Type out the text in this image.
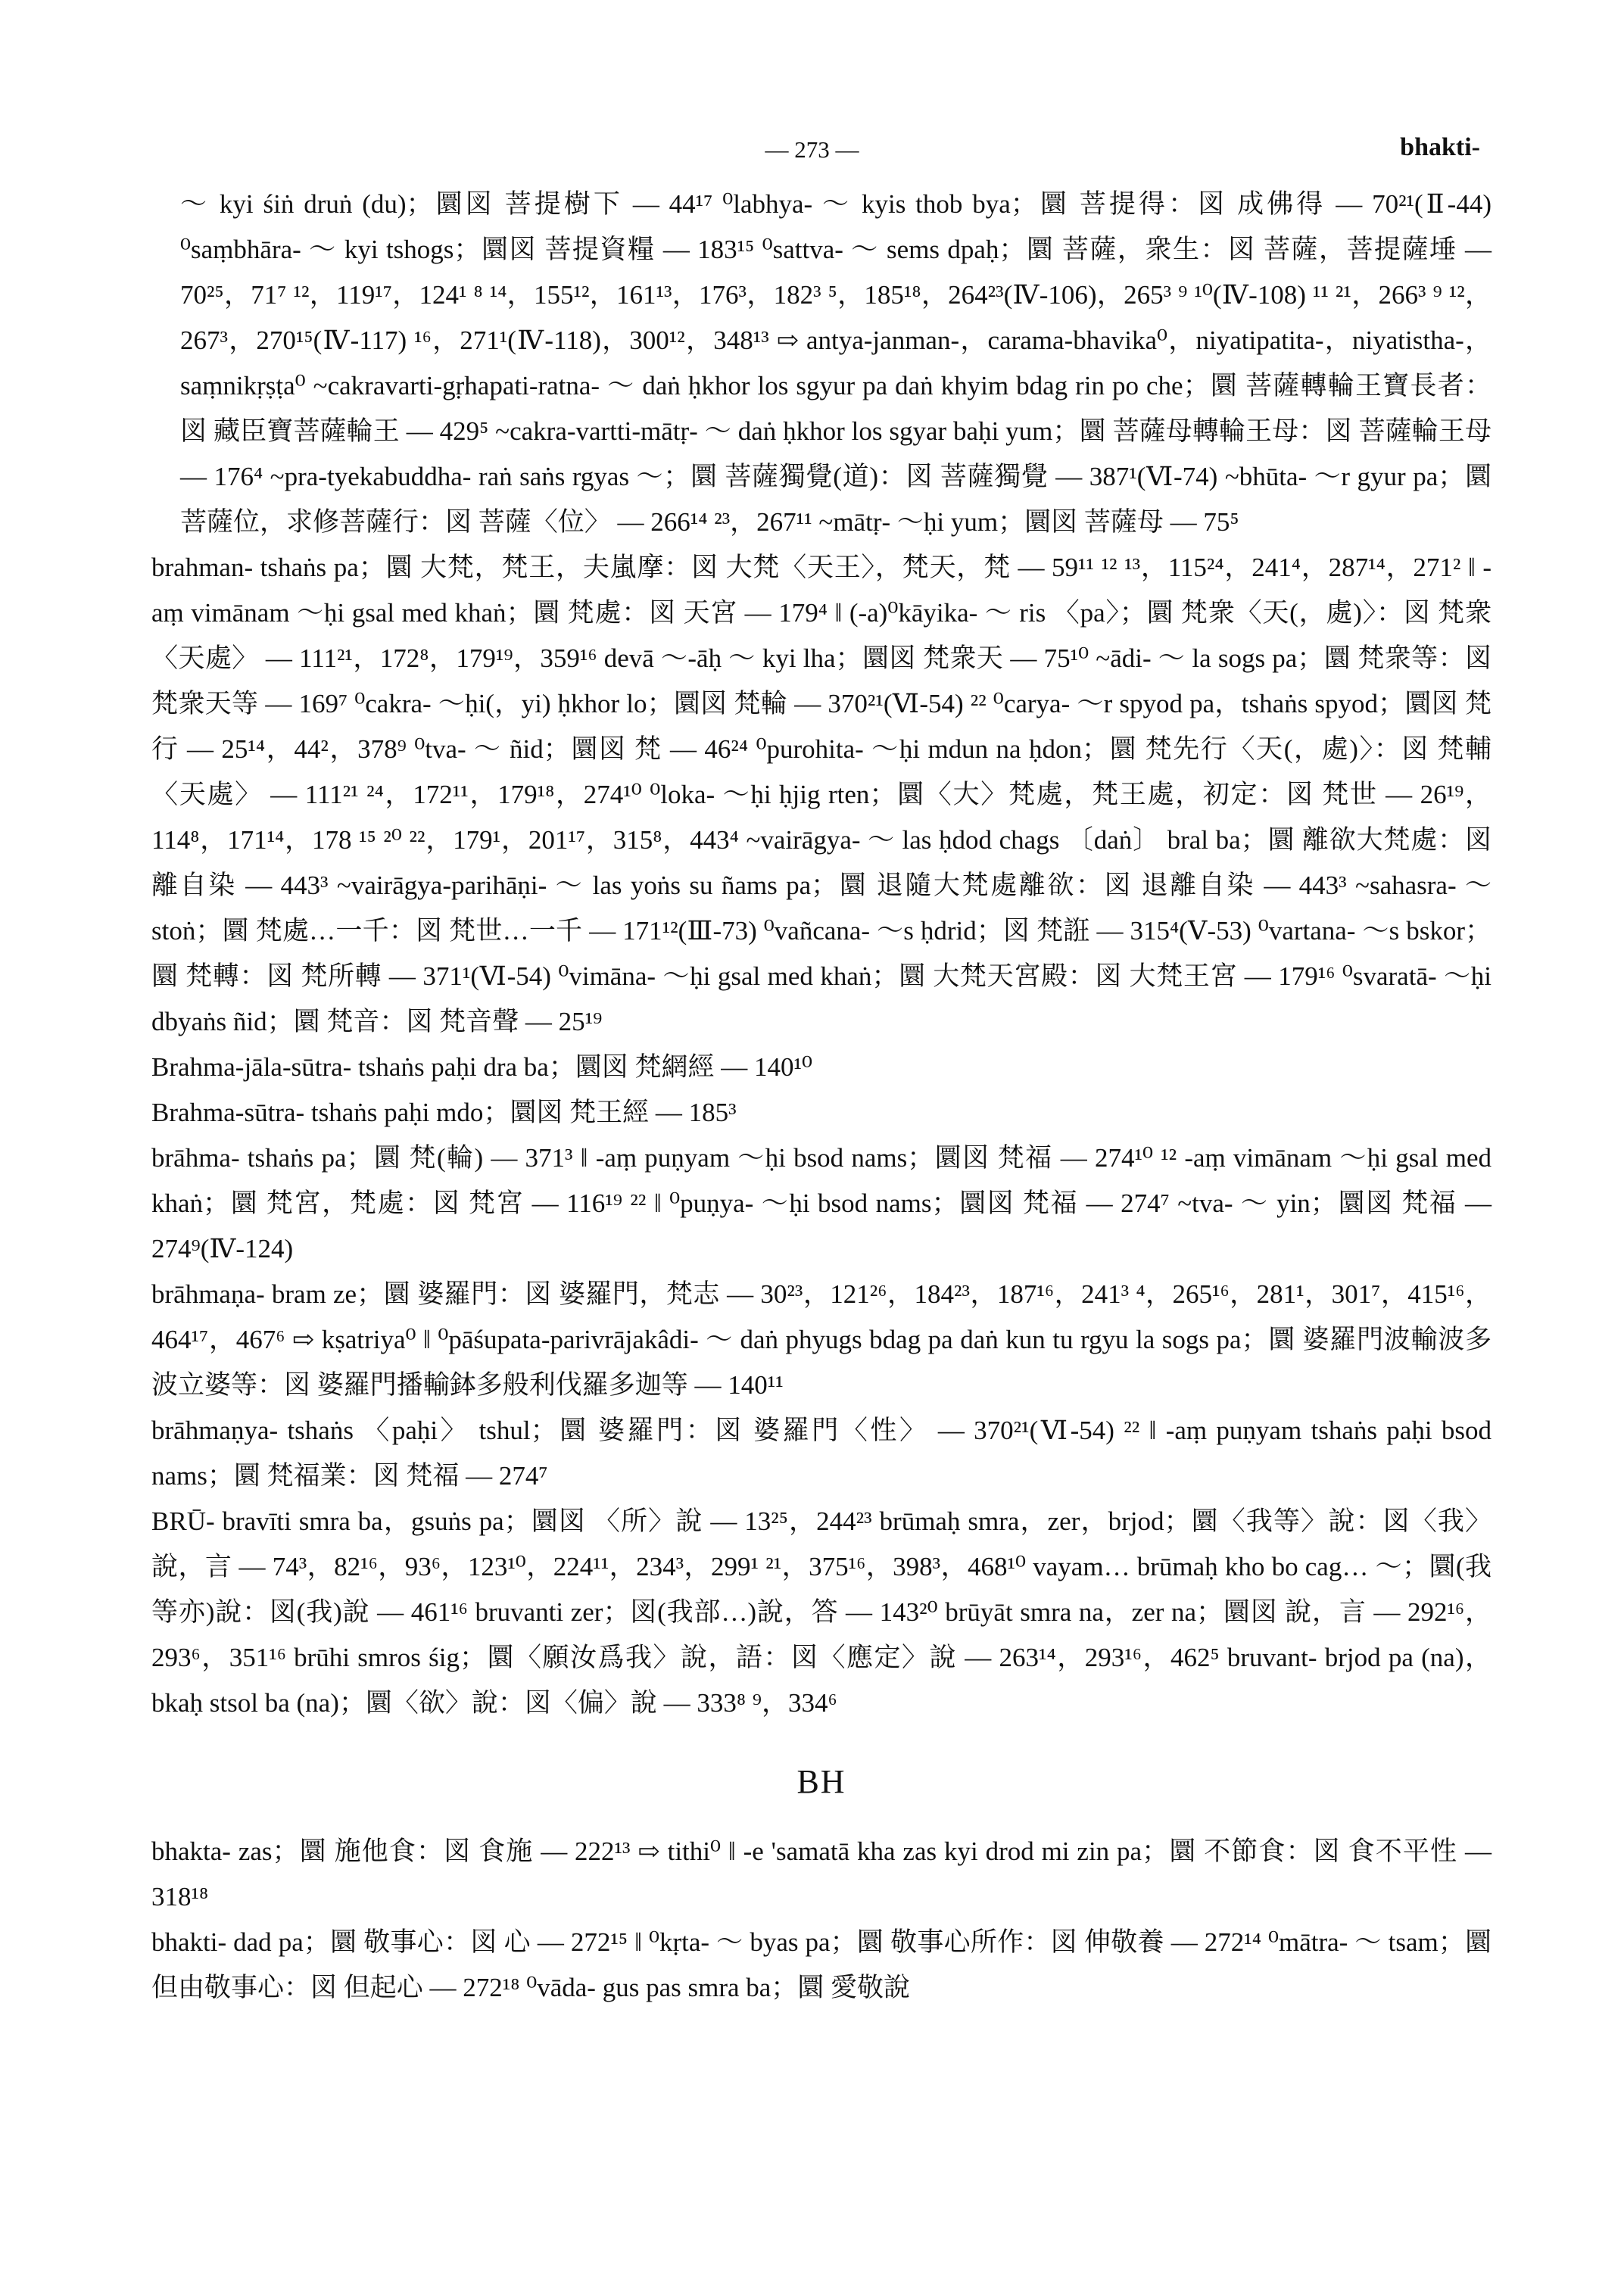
— 273 —	bhakti-

～ kyi śiṅ druṅ (du)；圜図 菩提樹下 — 44¹⁷ ⁰labhya- ～ kyis thob bya；圜 菩提得：図 成佛得 — 70²¹(Ⅱ-44) ⁰saṃbhāra- ～ kyi tshogs；圜図 菩提資糧 — 183¹⁵ ⁰sattva- ～ sems dpaḥ；圜 菩薩，衆生：図 菩薩，菩提薩埵 — 70²⁵，71⁷ ¹²，119¹⁷，124¹ ⁸ ¹⁴，155¹²，161¹³，176³，182³ ⁵，185¹⁸，264²³(Ⅳ-106)，265³ ⁹ ¹⁰(Ⅳ-108) ¹¹ ²¹，266³ ⁹ ¹²，267³，270¹⁵(Ⅳ-117) ¹⁶，271¹(Ⅳ-118)，300¹²，348¹³ ⇨ antya-janman-，carama-bhavika⁰，niyatipatita-，niyatistha-，saṃnikṛṣṭa⁰ ~cakravarti-gṛhapati-ratna- ～ daṅ ḥkhor los sgyur pa daṅ khyim bdag rin po che；圜 菩薩轉輪王寶長者：図 藏臣寶菩薩輪王 — 429⁵ ~cakra-vartti-mātṛ- ～ daṅ ḥkhor los sgyar baḥi yum；圜 菩薩母轉輪王母：図 菩薩輪王母 — 176⁴ ~pra-tyekabuddha- raṅ saṅs rgyas ～；圜 菩薩獨覺(道)：図 菩薩獨覺 — 387¹(Ⅵ-74) ~bhūta- ～r gyur pa；圜 菩薩位，求修菩薩行：図 菩薩〈位〉 — 266¹⁴ ²³，267¹¹ ~mātṛ- ～ḥi yum；圜図 菩薩母 — 75⁵

brahman- tshaṅs pa；圜 大梵，梵王，夫嵐摩：図 大梵〈天王〉，梵天，梵 — 59¹¹ ¹² ¹³，115²⁴，241⁴，287¹⁴，271² ‖ -aṃ vimānam ～ḥi gsal med khaṅ；圜 梵處：図 天宮 — 179⁴ ‖ (-a)⁰kāyika- ～ ris 〈pa〉；圜 梵衆〈天(，處)〉：図 梵衆〈天處〉 — 111²¹，172⁸，179¹⁹，359¹⁶ devā ～-āḥ ～ kyi lha；圜図 梵衆天 — 75¹⁰ ~ādi- ～ la sogs pa；圜 梵衆等：図 梵衆天等 — 169⁷ ⁰cakra- ～ḥi(，yi) ḥkhor lo；圜図 梵輪 — 370²¹(Ⅵ-54) ²² ⁰carya- ～r spyod pa，tshaṅs spyod；圜図 梵行 — 25¹⁴，44²，378⁹ ⁰tva- ～ ñid；圜図 梵 — 46²⁴ ⁰purohita- ～ḥi mdun na ḥdon；圜 梵先行〈天(，處)〉：図 梵輔〈天處〉 — 111²¹ ²⁴，172¹¹，179¹⁸，274¹⁰ ⁰loka- ～ḥi ḥjig rten；圜〈大〉梵處，梵王處，初定：図 梵世 — 26¹⁹，114⁸，171¹⁴，178 ¹⁵ ²⁰ ²²，179¹，201¹⁷，315⁸，443⁴ ~vairāgya- ～ las ḥdod chags 〔daṅ〕 bral ba；圜 離欲大梵處：図 離自染 — 443³ ~vairāgya-parihāṇi- ～ las yoṅs su ñams pa；圜 退隨大梵處離欲：図 退離自染 — 443³ ~sahasra- ～ stoṅ；圜 梵處…一千：図 梵世…一千 — 171¹²(Ⅲ-73) ⁰vañcana- ～s ḥdrid；図 梵誑 — 315⁴(Ⅴ-53) ⁰vartana- ～s bskor；圜 梵轉：図 梵所轉 — 371¹(Ⅵ-54) ⁰vimāna- ～ḥi gsal med khaṅ；圜 大梵天宮殿：図 大梵王宮 — 179¹⁶ ⁰svaratā- ～ḥi dbyaṅs ñid；圜 梵音：図 梵音聲 — 25¹⁹

Brahma-jāla-sūtra- tshaṅs paḥi dra ba；圜図 梵網經 — 140¹⁰

Brahma-sūtra- tshaṅs paḥi mdo；圜図 梵王經 — 185³

brāhma- tshaṅs pa；圜 梵(輪) — 371³ ‖ -aṃ puṇyam ～ḥi bsod nams；圜図 梵福 — 274¹⁰ ¹² -aṃ vimānam ～ḥi gsal med khaṅ；圜 梵宮，梵處：図 梵宮 — 116¹⁹ ²² ‖ ⁰puṇya- ～ḥi bsod nams；圜図 梵福 — 274⁷ ~tva- ～ yin；圜図 梵福 — 274⁹(Ⅳ-124)

brāhmaṇa- bram ze；圜 婆羅門：図 婆羅門，梵志 — 30²³，121²⁶，184²³，187¹⁶，241³ ⁴，265¹⁶，281¹，301⁷，415¹⁶，464¹⁷，467⁶ ⇨ kṣatriya⁰ ‖ ⁰pāśupata-parivrājakâdi- ～ daṅ phyugs bdag pa daṅ kun tu rgyu la sogs pa；圜 婆羅門波輸波多波立婆等：図 婆羅門播輸鉢多般利伐羅多迦等 — 140¹¹

brāhmaṇya- tshaṅs 〈paḥi〉 tshul；圜 婆羅門：図 婆羅門〈性〉 — 370²¹(Ⅵ-54) ²² ‖ -aṃ puṇyam tshaṅs paḥi bsod nams；圜 梵福業：図 梵福 — 274⁷

BRŪ- bravīti smra ba，gsuṅs pa；圜図 〈所〉說 — 13²⁵，244²³ brūmaḥ smra，zer，brjod；圜〈我等〉說：図〈我〉說，言 — 74³，82¹⁶，93⁶，123¹⁰，224¹¹，234³，299¹ ²¹，375¹⁶，398³，468¹⁰ vayam… brūmaḥ kho bo cag… ～；圜(我等亦)說：図(我)說 — 461¹⁶ bruvanti zer；図(我部…)說，答 — 143²⁰ brūyāt smra na，zer na；圜図 說，言 — 292¹⁶，293⁶，351¹⁶ brūhi smros śig；圜〈願汝爲我〉說，語：図〈應定〉說 — 263¹⁴，293¹⁶，462⁵ bruvant- brjod pa (na)，bkaḥ stsol ba (na)；圜〈欲〉說：図〈偏〉說 — 333⁸ ⁹，334⁶

BH

bhakta- zas；圜 施他食：図 食施 — 222¹³ ⇨ tithi⁰ ‖ -e 'samatā kha zas kyi drod mi zin pa；圜 不節食：図 食不平性 — 318¹⁸

bhakti- dad pa；圜 敬事心：図 心 — 272¹⁵ ‖ ⁰kṛta- ～ byas pa；圜 敬事心所作：図 伸敬養 — 272¹⁴ ⁰mātra- ～ tsam；圜 但由敬事心：図 但起心 — 272¹⁸ ⁰vāda- gus pas smra ba；圜 愛敬說
